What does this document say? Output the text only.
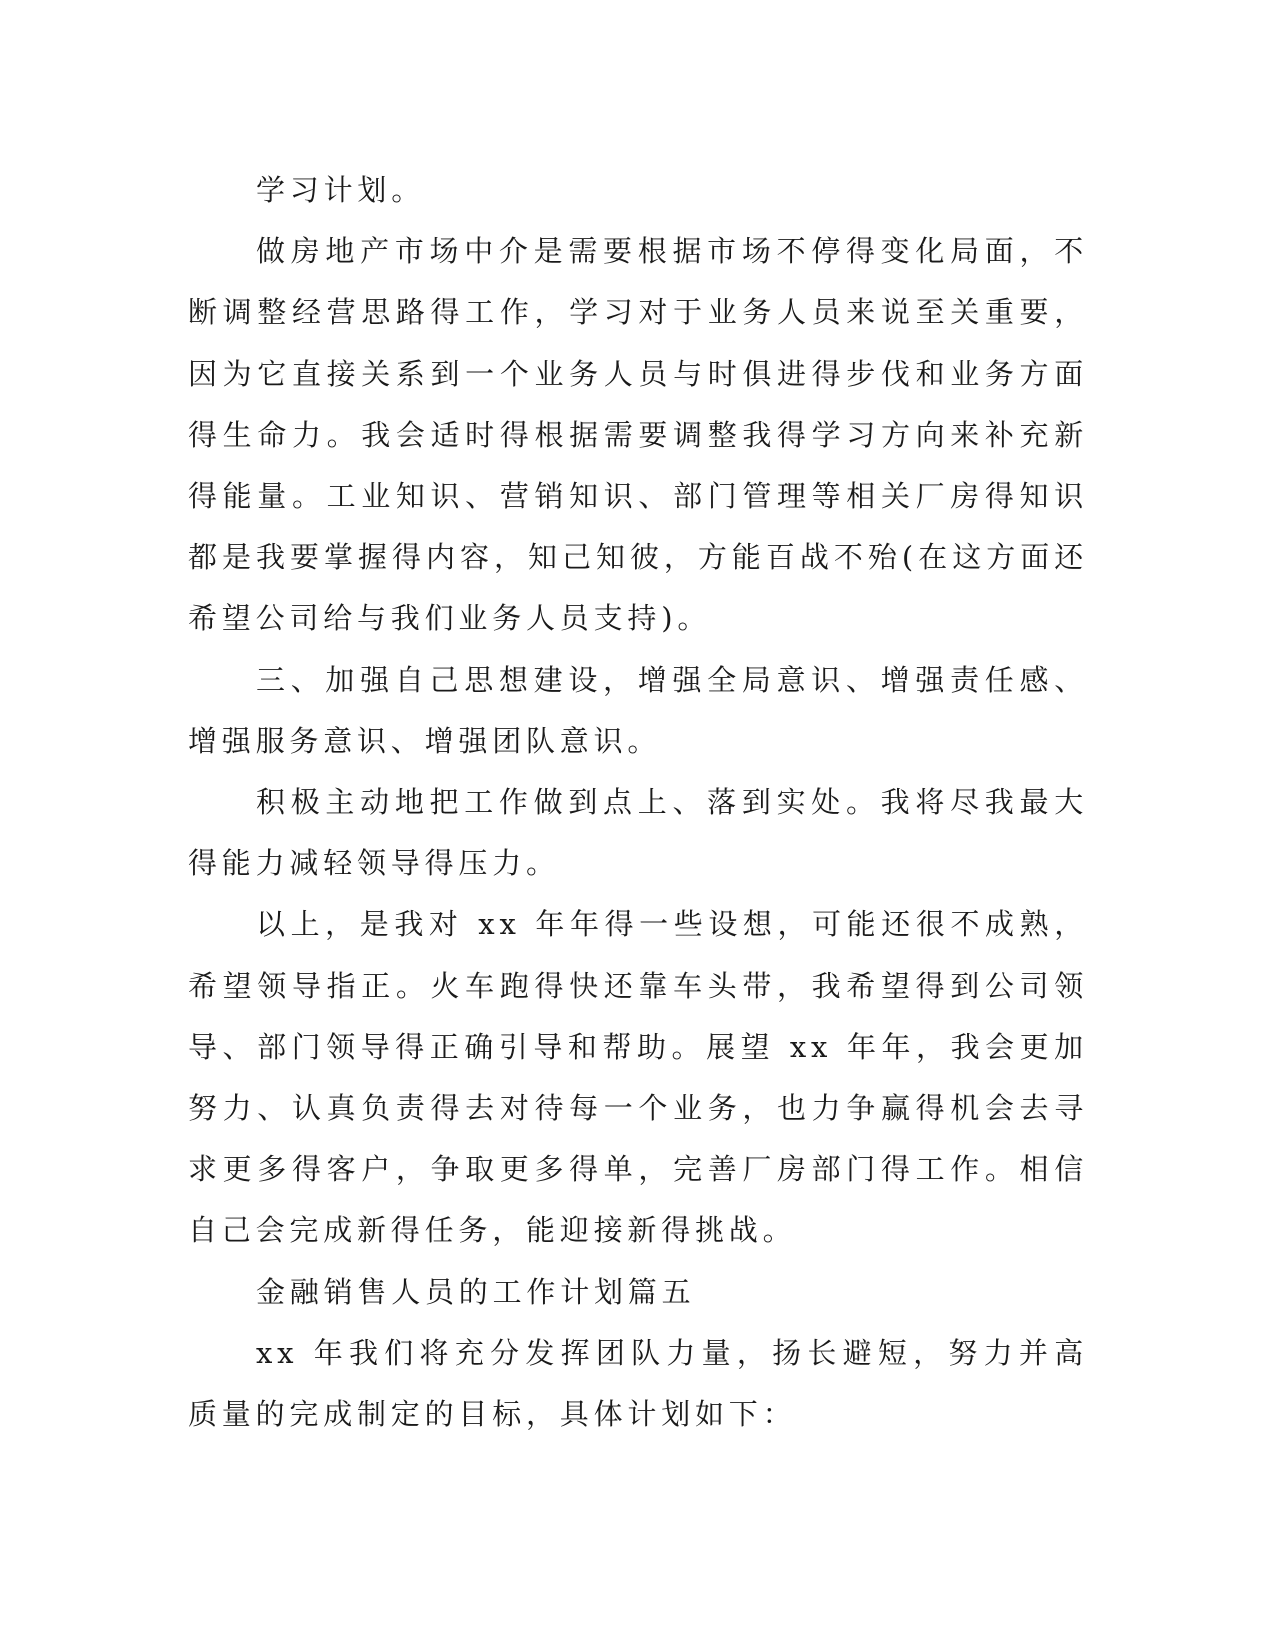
学习计划。

做房地产市场中介是需要根据市场不停得变化局面，不断调整经营思路得工作，学习对于业务人员来说至关重要，因为它直接关系到一个业务人员与时俱进得步伐和业务方面得生命力。我会适时得根据需要调整我得学习方向来补充新得能量。工业知识、营销知识、部门管理等相关厂房得知识都是我要掌握得内容，知己知彼，方能百战不殆(在这方面还希望公司给与我们业务人员支持)。

三、加强自己思想建设，增强全局意识、增强责任感、增强服务意识、增强团队意识。

积极主动地把工作做到点上、落到实处。我将尽我最大得能力减轻领导得压力。

以上，是我对 xx 年年得一些设想，可能还很不成熟，希望领导指正。火车跑得快还靠车头带，我希望得到公司领导、部门领导得正确引导和帮助。展望 xx 年年，我会更加努力、认真负责得去对待每一个业务，也力争赢得机会去寻求更多得客户，争取更多得单，完善厂房部门得工作。相信自己会完成新得任务，能迎接新得挑战。

金融销售人员的工作计划篇五

xx 年我们将充分发挥团队力量，扬长避短，努力并高质量的完成制定的目标，具体计划如下：
